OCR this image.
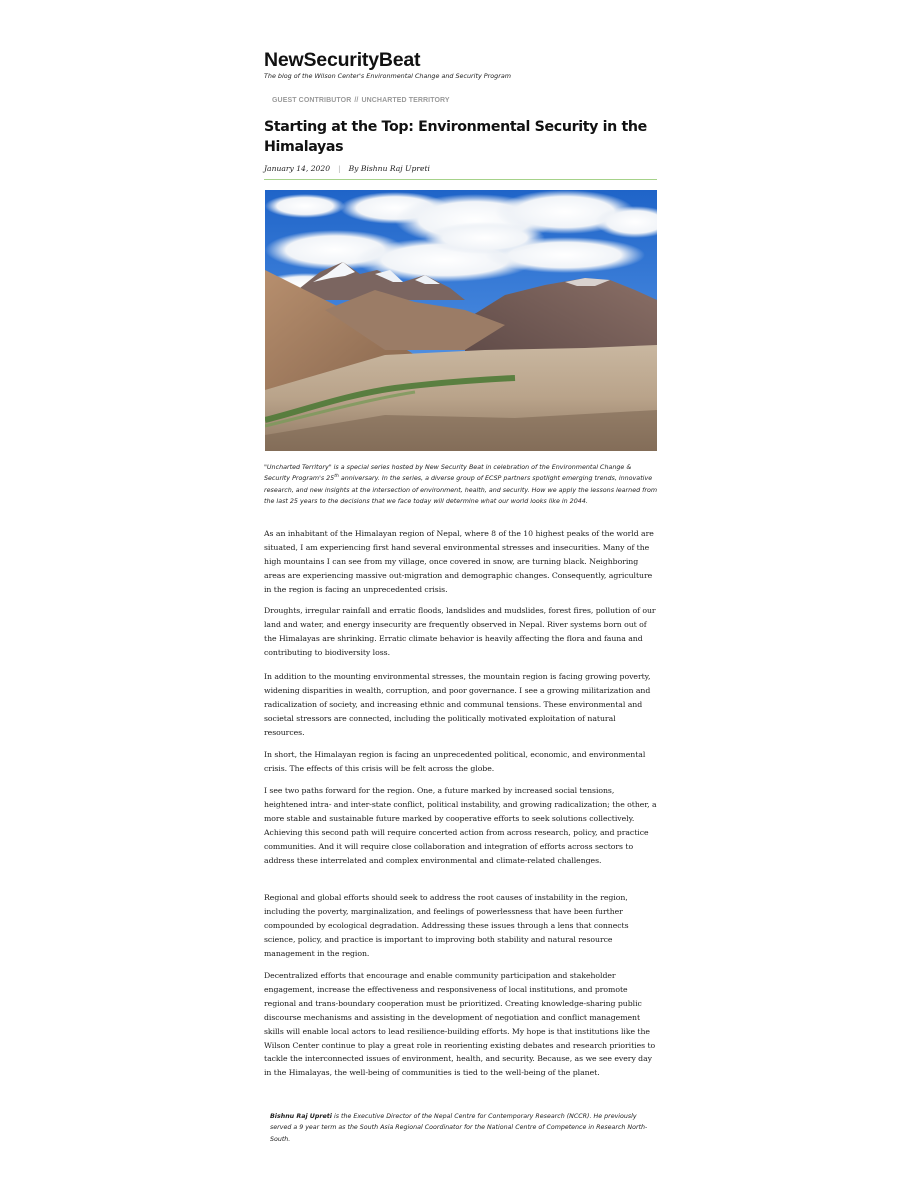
NewSecurityBeat
The blog of the Wilson Center's Environmental Change and Security Program
GUEST CONTRIBUTOR // UNCHARTED TERRITORY
Starting at the Top: Environmental Security in the Himalayas
January 14, 2020 | By Bishnu Raj Upreti
"Uncharted Territory" is a special series hosted by New Security Beat in celebration of the Environmental Change & Security Program's 25th anniversary. In the series, a diverse group of ECSP partners spotlight emerging trends, innovative research, and new insights at the intersection of environment, health, and security. How we apply the lessons learned from the last 25 years to the decisions that we face today will determine what our world looks like in 2044.

As an inhabitant of the Himalayan region of Nepal, where 8 of the 10 highest peaks of the world are situated, I am experiencing first hand several environmental stresses and insecurities. Many of the high mountains I can see from my village, once covered in snow, are turning black. Neighboring areas are experiencing massive out-migration and demographic changes. Consequently, agriculture in the region is facing an unprecedented crisis.

Droughts, irregular rainfall and erratic floods, landslides and mudslides, forest fires, pollution of our land and water, and energy insecurity are frequently observed in Nepal. River systems born out of the Himalayas are shrinking. Erratic climate behavior is heavily affecting the flora and fauna and contributing to biodiversity loss.

In addition to the mounting environmental stresses, the mountain region is facing growing poverty, widening disparities in wealth, corruption, and poor governance. I see a growing militarization and radicalization of society, and increasing ethnic and communal tensions. These environmental and societal stressors are connected, including the politically motivated exploitation of natural resources.

In short, the Himalayan region is facing an unprecedented political, economic, and environmental crisis. The effects of this crisis will be felt across the globe.

I see two paths forward for the region. One, a future marked by increased social tensions, heightened intra- and inter-state conflict, political instability, and growing radicalization; the other, a more stable and sustainable future marked by cooperative efforts to seek solutions collectively. Achieving this second path will require concerted action from across research, policy, and practice communities. And it will require close collaboration and integration of efforts across sectors to address these interrelated and complex environmental and climate-related challenges.

Regional and global efforts should seek to address the root causes of instability in the region, including the poverty, marginalization, and feelings of powerlessness that have been further compounded by ecological degradation. Addressing these issues through a lens that connects science, policy, and practice is important to improving both stability and natural resource management in the region.

Decentralized efforts that encourage and enable community participation and stakeholder engagement, increase the effectiveness and responsiveness of local institutions, and promote regional and trans-boundary cooperation must be prioritized. Creating knowledge-sharing public discourse mechanisms and assisting in the development of negotiation and conflict management skills will enable local actors to lead resilience-building efforts. My hope is that institutions like the Wilson Center continue to play a great role in reorienting existing debates and research priorities to tackle the interconnected issues of environment, health, and security. Because, as we see every day in the Himalayas, the well-being of communities is tied to the well-being of the planet.

Bishnu Raj Upreti is the Executive Director of the Nepal Centre for Contemporary Research (NCCR). He previously served a 9 year term as the South Asia Regional Coordinator for the National Centre of Competence in Research North-South.
